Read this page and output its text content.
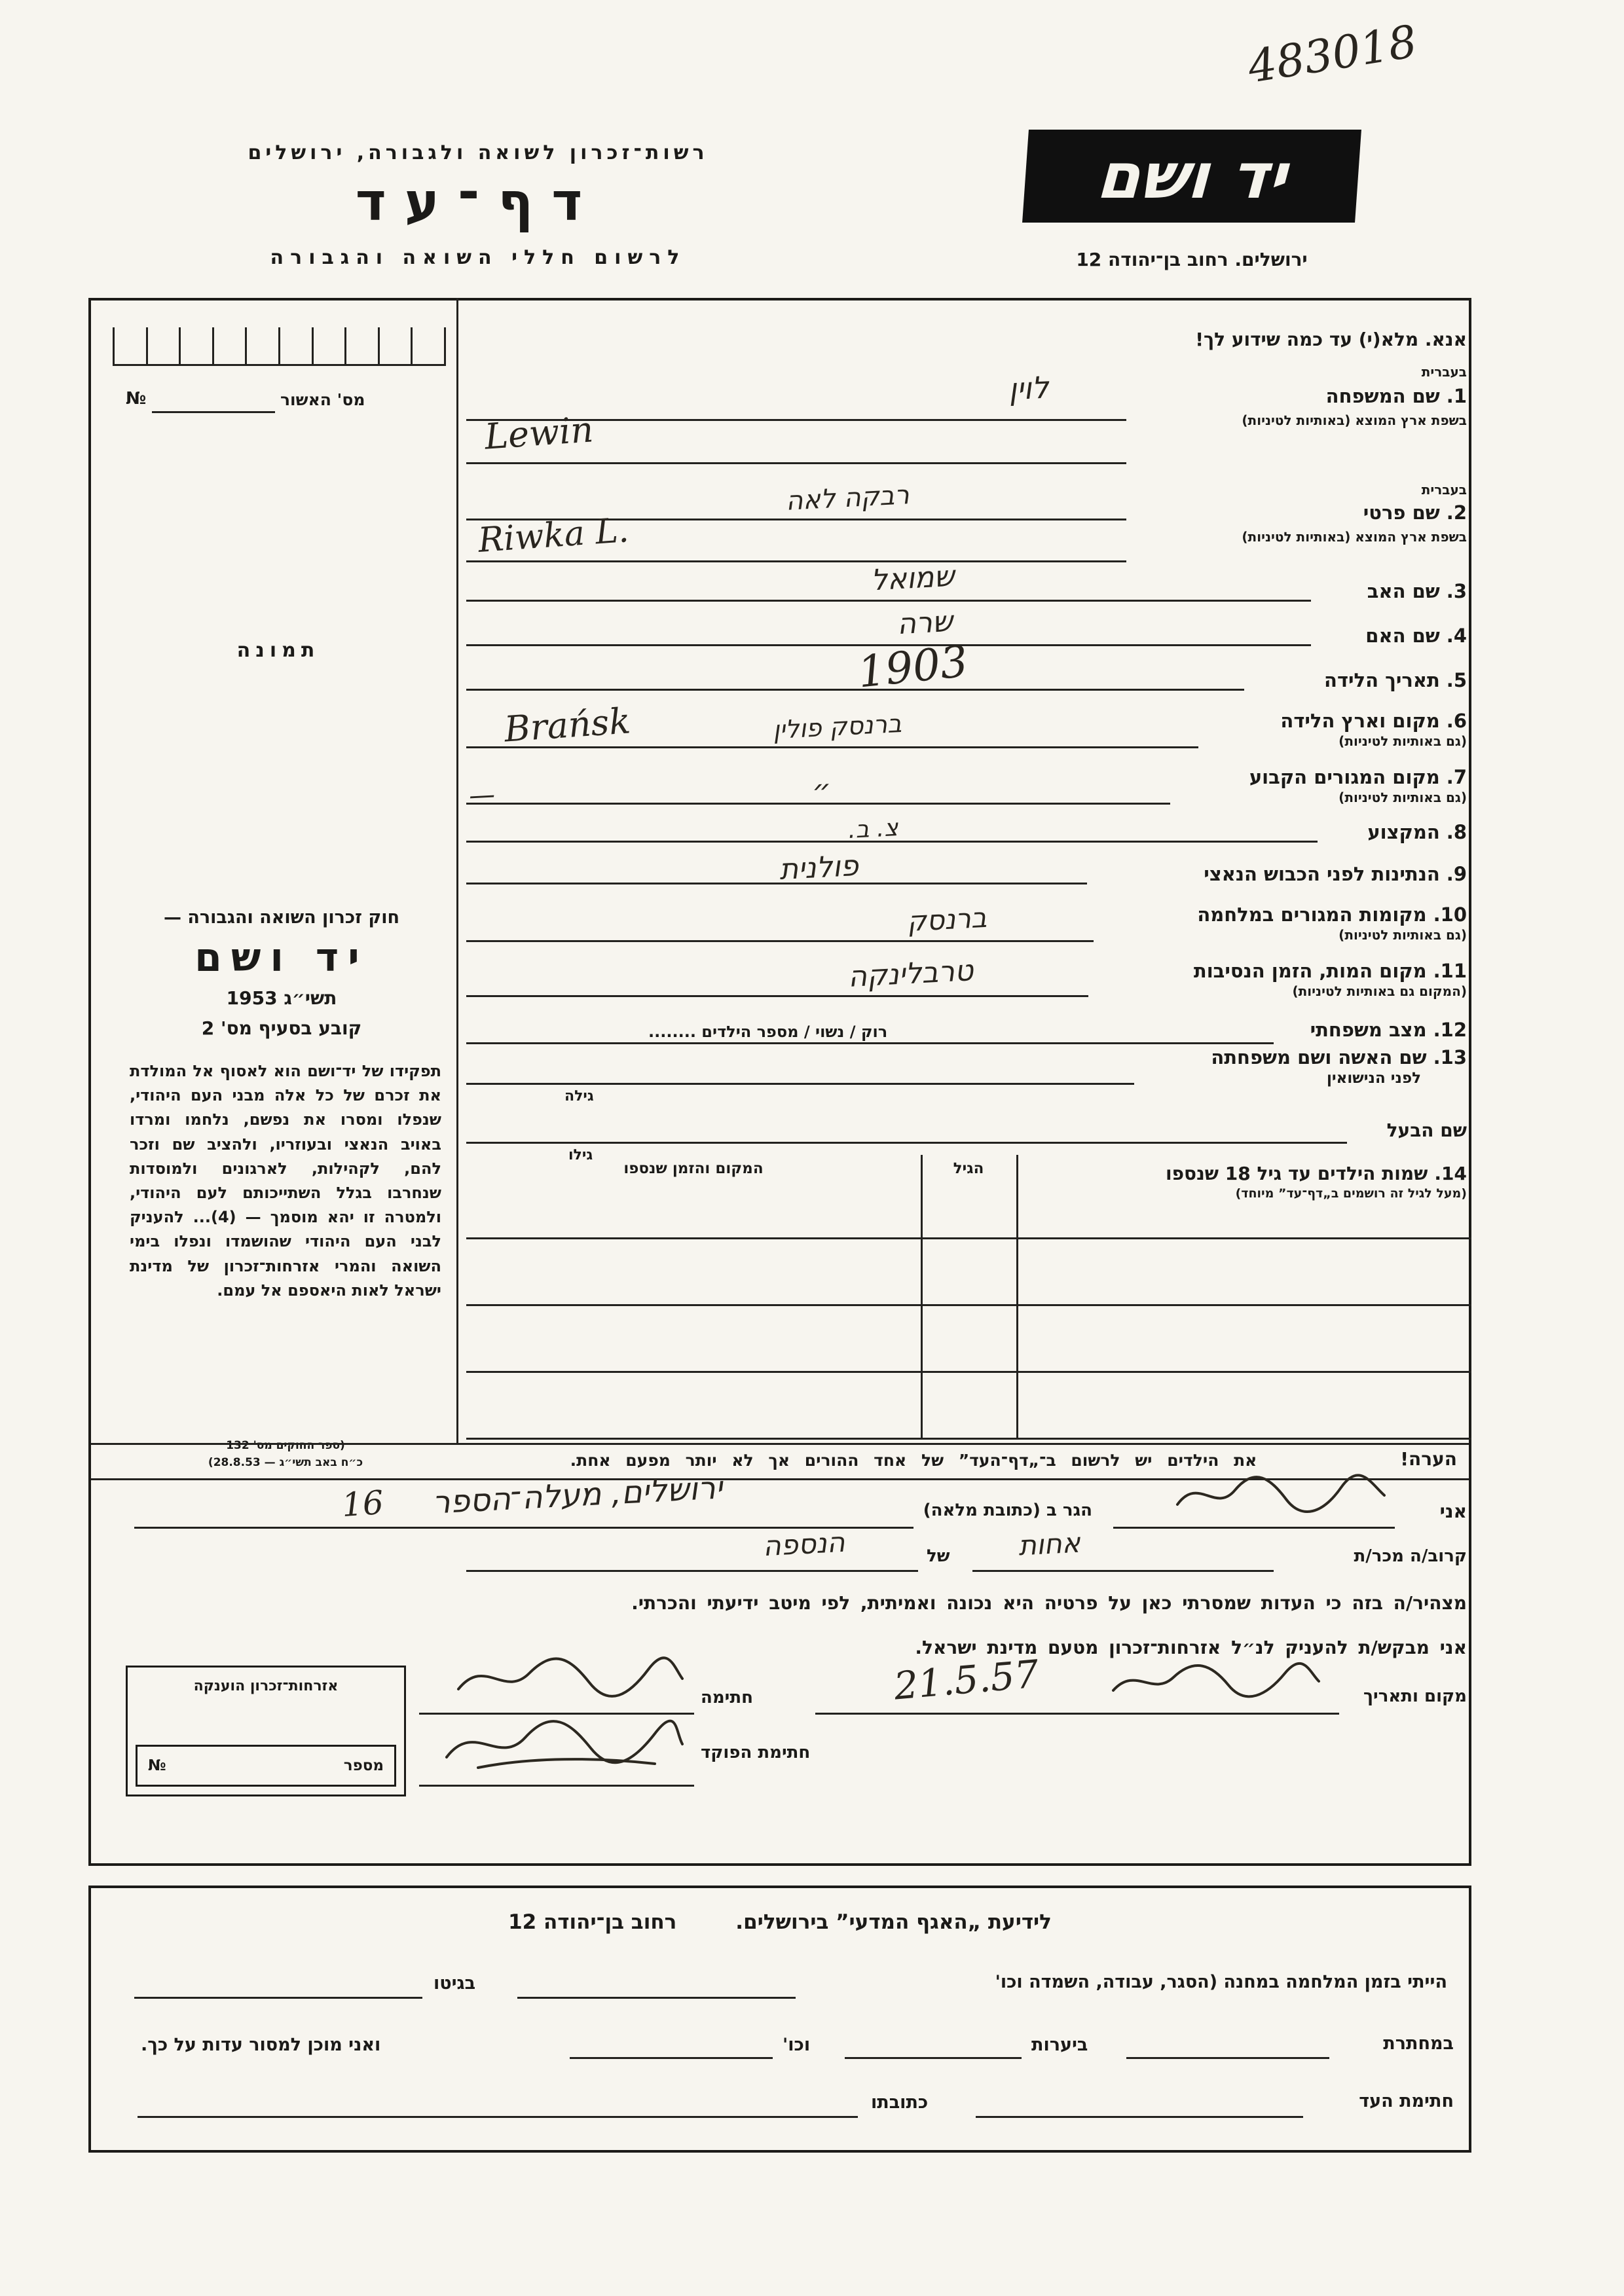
483018
רשות־זכרון לשואה ולגבורה, ירושלים
דף־עד
לרשום חללי השואה והגבורה
יד ושם
ירושלים. רחוב בן־יהודה 12
№	מס' האשור
תמונה
חוק זכרון השואה והגבורה —
יד ושם
תשי״ג 1953
קובע בסעיף מס' 2
תפקידו של יד־ושם הוא לאסוף אל המולדת את זכרם של כל אלה מבני העם היהודי, שנפלו ומסרו את נפשם, נלחמו ומרדו באויב הנאצי ובעוזריו, ולהציב שם וזכר להם, לקהילות, לארגונים ולמוסדות שנחרבו בגלל השתייכותם לעם היהודי, ולמטרה זו יהא מוסמך — (4)... להעניק לבני העם היהודי שהושמדו ונפלו בימי השואה והמרי אזרחות־זכרון של מדינת ישראל לאות היאספם אל עמם.
(ספר החוקים מס' 132
כ״ח באב תשי״ג — 28.8.53)
אנא. מלא(י) עד כמה שידוע לך!
בעברית
1.
שם המשפחה
בשפת ארץ המוצא (באותיות לטיניות)
לוין
Lewin
בעברית
2.
שם פרטי
בשפת ארץ המוצא (באותיות לטיניות)
רבקה לאה
Riwka L.
3.
שם האב
שמואל
4.
שם האם
שרה
5.
תאריך הלידה
1903
6.
מקום וארץ הלידה
(גם באותיות לטיניות)
Brańsk	ברנסק פולין
7.
מקום המגורים הקבוע
(גם באותיות לטיניות)
״
—
8.
המקצוע
צ. ב.
9.
הנתינות לפני הכבוש הנאצי
פולנית
10.
מקומות המגורים במלחמה
(גם באותיות לטיניות)
ברנסק
11.
מקום המות, הזמן הנסיבות
(המקום גם באותיות לטיניות)
טרבלינקה
12.
מצב משפחתי
רוק / נשוי / מספר הילדים ........
13.
שם האשה ושם משפחתה
לפני הנישואין
גילה
שם הבעל
גילו
14.
שמות הילדים עד גיל 18 שנספו
(מעל לגיל זה רושמים ב„דף־עד” מיוחד)
הגיל
המקום והזמן שנספו
הערה!
את הילדים יש לרשום ב־„דף־העד” של אחד ההורים אך לא יותר מפעם אחת.
אני
הגר ב (כתובת מלאה)
ירושלים, מעלה־הספר
16
קרוב/ה מכר/ת
אחות
של
הנספה
מצהיר/ה בזה כי העדות שמסרתי כאן על פרטיה היא נכונה ואמיתית, לפי מיטב ידיעתי והכרתי.
אני מבקש/ת להעניק לנ״ל אזרחות־זכרון מטעם מדינת ישראל.
מקום ותאריך
21.5.57
חתימה
חתימת הפוקד
אזרחות־זכרון הוענקה
מספר
№
לידיעת „האגף המדעי” בירושלים.
רחוב בן־יהודה 12
הייתי בזמן המלחמה במחנה (הסגר, עבודה, השמדה וכו'
בגיטו
במחתרת
ביערות
וכו'
ואני מוכן למסור עדות על כך.
חתימת העד
כתובתו
